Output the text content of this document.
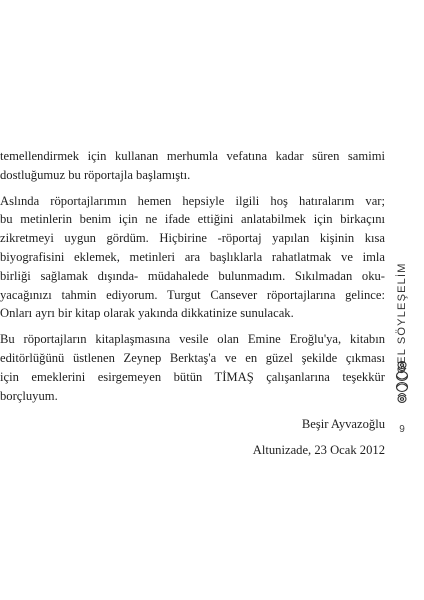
temellendirmek için kullanan merhumla vefatına kadar süren samimi
dostluğumuz bu röportajla başlamıştı.

Aslında röportajlarımın hemen hepsiyle ilgili hoş hatıralarım var;
bu metinlerin benim için ne ifade ettiğini anlatabilmek için birkaçını
zikretmeyi uygun gördüm. Hiçbirine -röportaj yapılan kişinin kısa
biyografisini eklemek, metinleri ara başlıklarla rahatlatmak ve imla
birliği sağlamak dışında- müdahalede bulunmadım. Sıkılmadan oku-
yacağınızı tahmin ediyorum. Turgut Cansever röportajlarına gelince:
Onları ayrı bir kitap olarak yakında dikkatinize sunulacak.

Bu röportajların kitaplaşmasına vesile olan Emine Eroğlu'ya, kitabın
editörlüğünü üstlenen Zeynep Berktaş'a ve en güzel şekilde çıkması
için emeklerini esirgemeyen bütün TİMAŞ çalışanlarına teşekkür
borçluyum.

Beşir Ayvazoğlu
Altunizade, 23 Ocak 2012
GEL SÖYLEŞELİM
9
